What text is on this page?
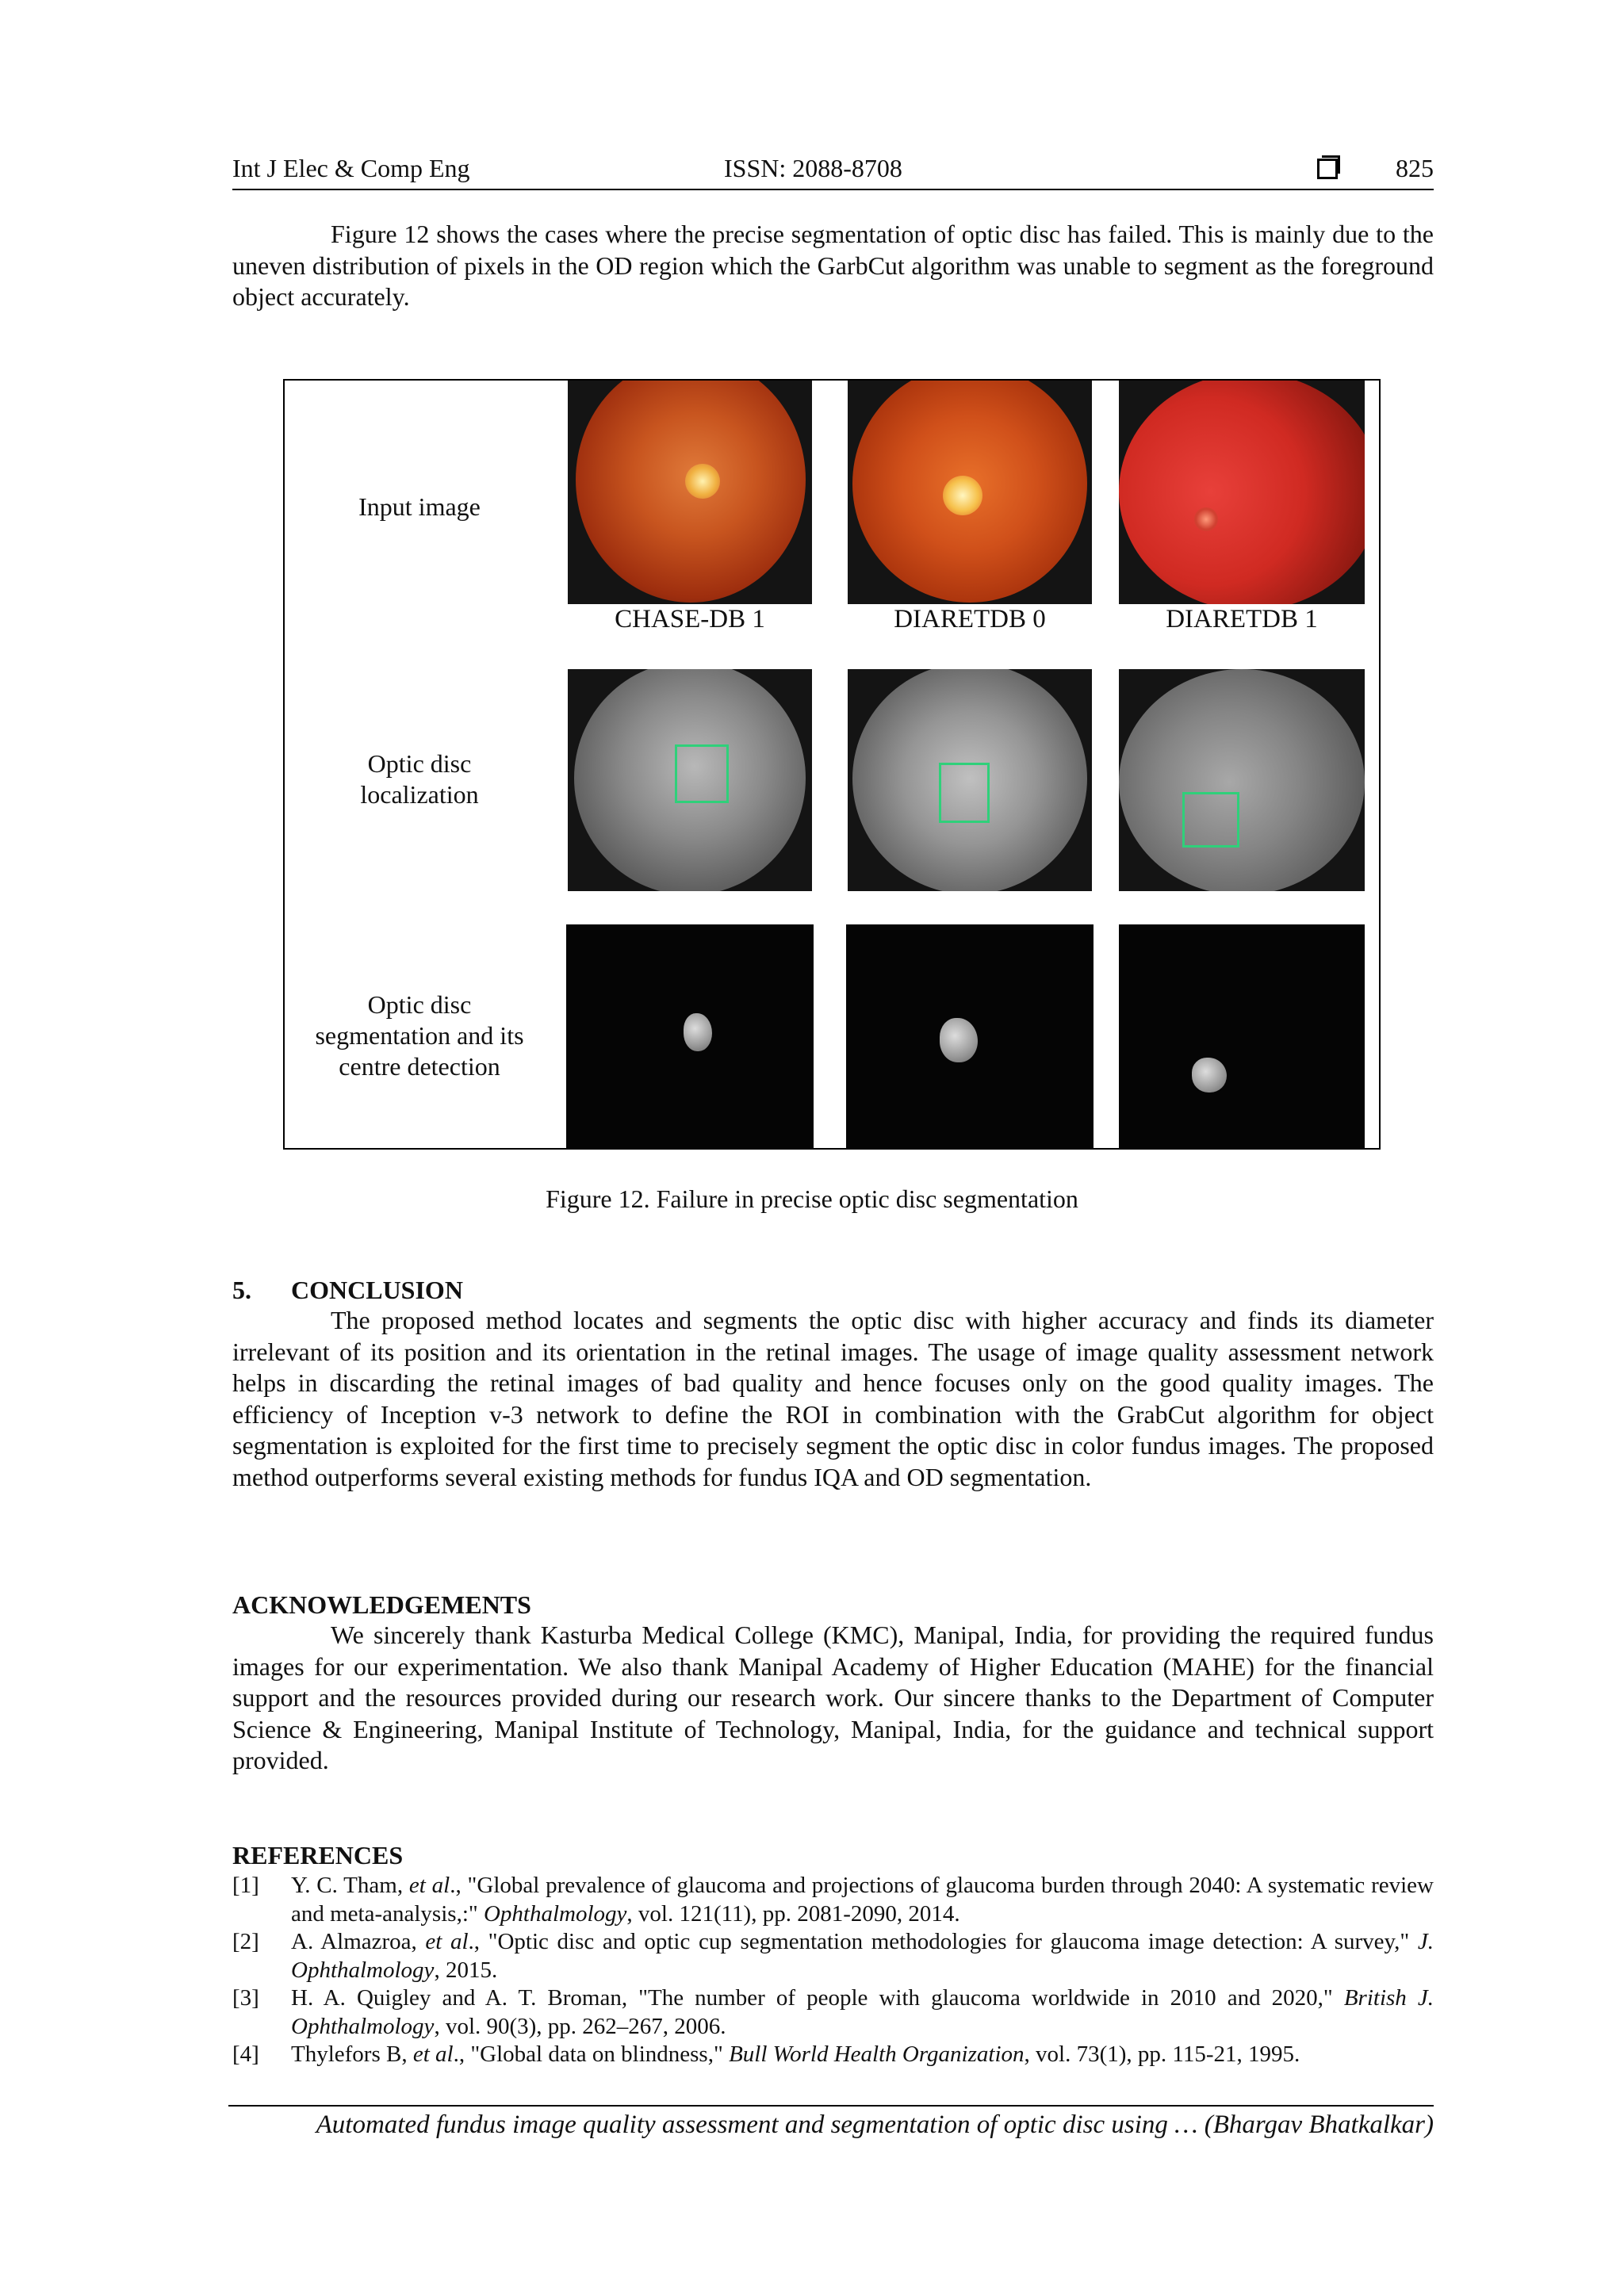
Int J Elec & Comp Eng	ISSN: 2088-8708	825

Figure 12 shows the cases where the precise segmentation of optic disc has failed. This is mainly due to the uneven distribution of pixels in the OD region which the GarbCut algorithm was unable to segment as the foreground object accurately.

Input image
Optic disc localization
Optic disc segmentation and its centre detection
CHASE-DB 1	DIARETDB 0	DIARETDB 1
Figure 12. Failure in precise optic disc segmentation
5. CONCLUSION

The proposed method locates and segments the optic disc with higher accuracy and finds its diameter irrelevant of its position and its orientation in the retinal images. The usage of image quality assessment network helps in discarding the retinal images of bad quality and hence focuses only on the good quality images. The efficiency of Inception v-3 network to define the ROI in combination with the GrabCut algorithm for object segmentation is exploited for the first time to precisely segment the optic disc in color fundus images. The proposed method outperforms several existing methods for fundus IQA and OD segmentation.

ACKNOWLEDGEMENTS

We sincerely thank Kasturba Medical College (KMC), Manipal, India, for providing the required fundus images for our experimentation. We also thank Manipal Academy of Higher Education (MAHE) for the financial support and the resources provided during our research work. Our sincere thanks to the Department of Computer Science & Engineering, Manipal Institute of Technology, Manipal, India, for the guidance and technical support provided.

REFERENCES
[1] Y. C. Tham, et al., "Global prevalence of glaucoma and projections of glaucoma burden through 2040: A systematic review and meta-analysis,:" Ophthalmology, vol. 121(11), pp. 2081-2090, 2014.
[2] A. Almazroa, et al., "Optic disc and optic cup segmentation methodologies for glaucoma image detection: A survey," J. Ophthalmology, 2015.
[3] H. A. Quigley and A. T. Broman, "The number of people with glaucoma worldwide in 2010 and 2020," British J. Ophthalmology, vol. 90(3), pp. 262–267, 2006.
[4] Thylefors B, et al., "Global data on blindness," Bull World Health Organization, vol. 73(1), pp. 115-21, 1995.
Automated fundus image quality assessment and segmentation of optic disc using … (Bhargav Bhatkalkar)
